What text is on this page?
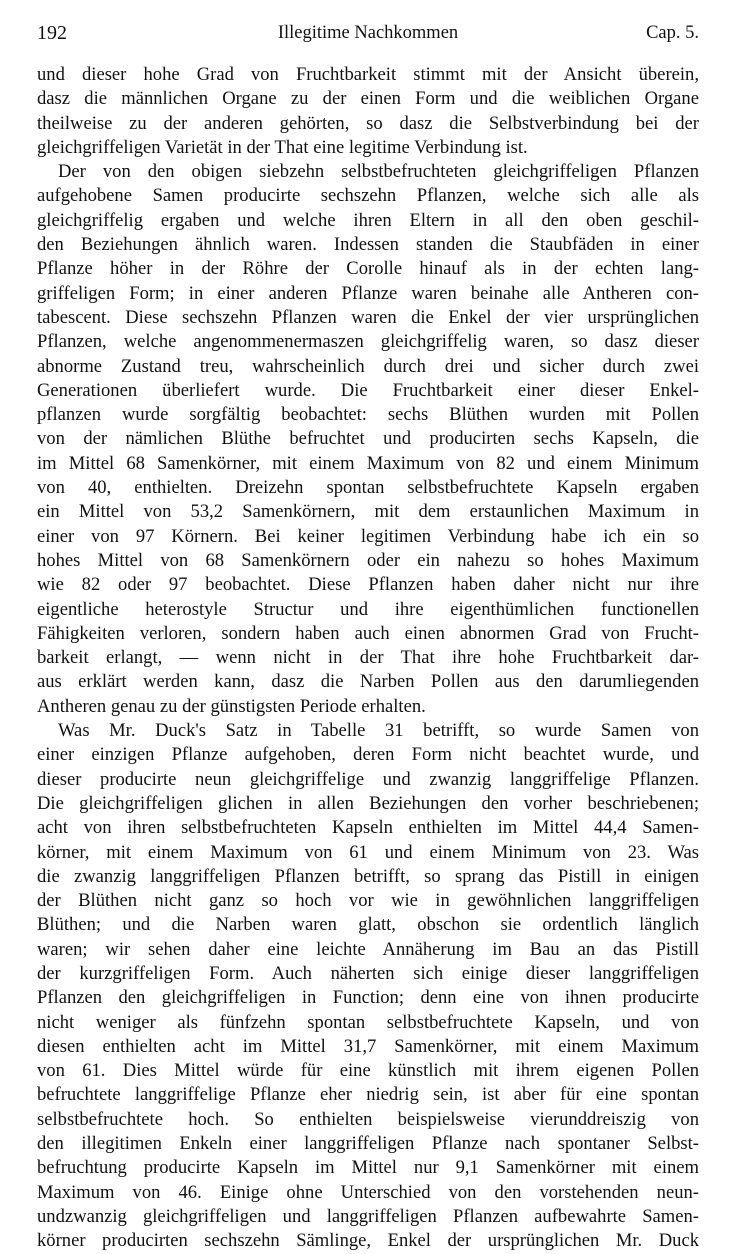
192	Illegitime Nachkommen	Cap. 5.
und dieser hohe Grad von Fruchtbarkeit stimmt mit der Ansicht überein,
dasz die männlichen Organe zu der einen Form und die weiblichen Organe
theilweise zu der anderen gehörten, so dasz die Selbstverbindung bei der
gleichgriffeligen Varietät in der That eine legitime Verbindung ist.
Der von den obigen siebzehn selbstbefruchteten gleichgriffeligen Pflanzen
aufgehobene Samen producirte sechszehn Pflanzen, welche sich alle als
gleichgriffelig ergaben und welche ihren Eltern in all den oben geschil-
den Beziehungen ähnlich waren. Indessen standen die Staubfäden in einer
Pflanze höher in der Röhre der Corolle hinauf als in der echten lang-
griffeligen Form; in einer anderen Pflanze waren beinahe alle Antheren con-
tabescent. Diese sechszehn Pflanzen waren die Enkel der vier ursprünglichen
Pflanzen, welche angenommenermaszen gleichgriffelig waren, so dasz dieser
abnorme Zustand treu, wahrscheinlich durch drei und sicher durch zwei
Generationen überliefert wurde. Die Fruchtbarkeit einer dieser Enkel-
pflanzen wurde sorgfältig beobachtet: sechs Blüthen wurden mit Pollen
von der nämlichen Blüthe befruchtet und producirten sechs Kapseln, die
im Mittel 68 Samenkörner, mit einem Maximum von 82 und einem Minimum
von 40, enthielten. Dreizehn spontan selbstbefruchtete Kapseln ergaben
ein Mittel von 53,2 Samenkörnern, mit dem erstaunlichen Maximum in
einer von 97 Körnern. Bei keiner legitimen Verbindung habe ich ein so
hohes Mittel von 68 Samenkörnern oder ein nahezu so hohes Maximum
wie 82 oder 97 beobachtet. Diese Pflanzen haben daher nicht nur ihre
eigentliche heterostyle Structur und ihre eigenthümlichen functionellen
Fähigkeiten verloren, sondern haben auch einen abnormen Grad von Frucht-
barkeit erlangt, — wenn nicht in der That ihre hohe Fruchtbarkeit dar-
aus erklärt werden kann, dasz die Narben Pollen aus den darumliegenden
Antheren genau zu der günstigsten Periode erhalten.
Was Mr. Duck's Satz in Tabelle 31 betrifft, so wurde Samen von
einer einzigen Pflanze aufgehoben, deren Form nicht beachtet wurde, und
dieser producirte neun gleichgriffelige und zwanzig langgriffelige Pflanzen.
Die gleichgriffeligen glichen in allen Beziehungen den vorher beschriebenen;
acht von ihren selbstbefruchteten Kapseln enthielten im Mittel 44,4 Samen-
körner, mit einem Maximum von 61 und einem Minimum von 23. Was
die zwanzig langgriffeligen Pflanzen betrifft, so sprang das Pistill in einigen
der Blüthen nicht ganz so hoch vor wie in gewöhnlichen langgriffeligen
Blüthen; und die Narben waren glatt, obschon sie ordentlich länglich
waren; wir sehen daher eine leichte Annäherung im Bau an das Pistill
der kurzgriffeligen Form. Auch näherten sich einige dieser langgriffeligen
Pflanzen den gleichgriffeligen in Function; denn eine von ihnen producirte
nicht weniger als fünfzehn spontan selbstbefruchtete Kapseln, und von
diesen enthielten acht im Mittel 31,7 Samenkörner, mit einem Maximum
von 61. Dies Mittel würde für eine künstlich mit ihrem eigenen Pollen
befruchtete langgriffelige Pflanze eher niedrig sein, ist aber für eine spontan
selbstbefruchtete hoch. So enthielten beispielsweise vierunddreiszig von
den illegitimen Enkeln einer langgriffeligen Pflanze nach spontaner Selbst-
befruchtung producirte Kapseln im Mittel nur 9,1 Samenkörner mit einem
Maximum von 46. Einige ohne Unterschied von den vorstehenden neun-
undzwanzig gleichgriffeligen und langgriffeligen Pflanzen aufbewahrte Samen-
körner producirten sechszehn Sämlinge, Enkel der ursprünglichen Mr. Duck
